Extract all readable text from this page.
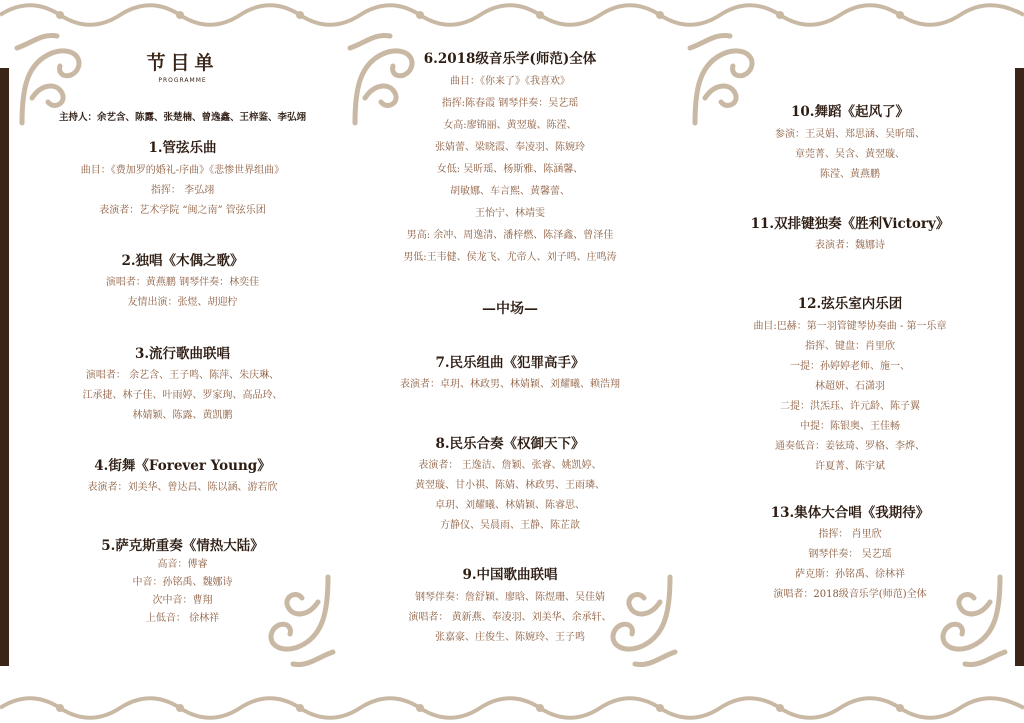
节目单
PROGRAMME
主持人：余艺含、陈露、张楚楠、曾逸鑫、王梓鉴、李弘翊
1.管弦乐曲
曲目：《费加罗的婚礼-序曲》《悲惨世界组曲》
指挥： 李弘翊
表演者：艺术学院 “闽之南” 管弦乐团
2.独唱《木偶之歌》
演唱者：黄燕鹏 钢琴伴奏：林奕佳
友情出演：张煜、胡迎柠
3.流行歌曲联唱
演唱者： 余艺含、王子鸣、陈萍、朱庆琳、
江承捷、林子佳、叶雨婷、罗家珣、高品玲、
林婧颖、陈露、黄凯鹏
4.街舞《Forever Young》
表演者：刘美华、曾达昌、陈以涵、游若欣
5.萨克斯重奏《情热大陆》
高音：傅睿
中音：孙铭禹、魏娜诗
次中音：曹翔
上低音： 徐林祥
6.2018级音乐学(师范)全体
曲目：《你来了》《我喜欢》
指挥:陈春霞 钢琴伴奏：吴艺瑶
女高:廖锦丽、黄翌璇、陈滢、
张婧蕾、梁晓霞、奉凌羽、陈婉玲
女低: 吴昕瑶、杨斯雅、陈涵馨、
胡敏娜、车言熙、黄馨蕾、
王怡宁、林靖雯
男高: 余冲、周逸清、潘梓燃、陈泽鑫、曾泽佳
男低:王韦健、侯龙飞、尤帝人、刘子鸣、庄鸣涛
—中场—
7.民乐组曲《犯罪高手》
表演者：卓玥、林政男、林婧颖、刘耀曦、赖浩翔
8.民乐合奏《权御天下》
表演者： 王逸洁、詹颖、张睿、姚凯婷、
黄翌璇、甘小祺、陈婧、林政男、王雨璘、
卓玥、刘耀曦、林婧颖、陈睿思、
方静仪、吴晨雨、王静、陈芷歆
9.中国歌曲联唱
钢琴伴奏：詹舒颖、廖晗、陈煜珊、吴佳婧
演唱者： 黄新燕、奉凌羽、刘美华、余承轩、
张嘉豪、庄俊生、陈婉玲、王子鸣
10.舞蹈《起风了》
参演：王灵娟、郑思涵、吴昕瑶、
章莞菁、吴含、黄翌璇、
陈滢、黄燕鹏
11.双排键独奏《胜利Victory》
表演者：魏娜诗
12.弦乐室内乐团
曲目:巴赫：第一羽管键琴协奏曲 - 第一乐章
指挥、键盘：肖里欣
一提：孙婷婷老师、施一、
林超妍、石潇羽
二提：洪炁珏、许元龄、陈子翼
中提：陈银奥、王佳畅
通奏低音：姜铉琦、罗格、李烨、
许夏菁、陈宇斌
13.集体大合唱《我期待》
指挥： 肖里欣
钢琴伴奏： 吴艺瑶
萨克斯：孙铭禹、徐林祥
演唱者：2018级音乐学(师范)全体
